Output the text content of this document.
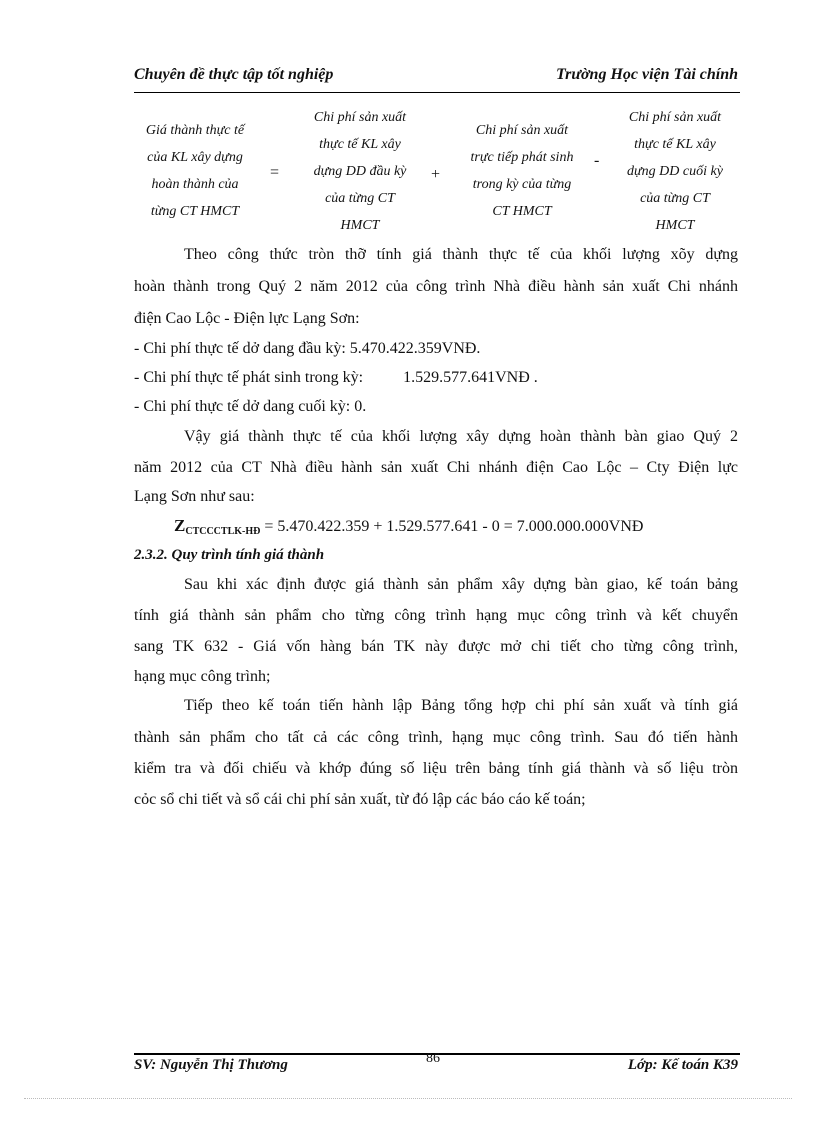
Chuyên đề thực tập tốt nghiệp	Trường Học viện Tài chính
Giá thành thực tế
của KL xây dựng
hoàn thành của
từng CT HMCT
=
Chi phí sản xuất
thực tế KL xây
dựng DD đầu kỳ
của từng CT
HMCT
+
Chi phí sản xuất
trực tiếp phát sinh
trong kỳ của từng
CT HMCT
-
Chi phí sản xuất
thực tế KL xây
dựng DD cuối kỳ
của từng CT
HMCT
Theo công thức tròn thỡ tính giá thành thực tế của khối lượng xõy dựng
hoàn thành trong Quý 2 năm 2012 của công trình Nhà điều hành sản xuất Chi nhánh
điện Cao Lộc - Điện lực Lạng Sơn:
- Chi phí thực tế dở dang đầu kỳ: 5.470.422.359VNĐ.
- Chi phí thực tế phát sinh trong kỳ:          1.529.577.641VNĐ .
- Chi phí thực tế dở dang cuối kỳ: 0.
Vậy giá thành thực tế của khối lượng xây dựng hoàn thành bàn giao Quý 2
năm 2012 của CT Nhà điều hành sản xuất Chi nhánh điện Cao Lộc – Cty Điện lực
Lạng Sơn như sau:
ZCTCCCTLK-HĐ = 5.470.422.359 + 1.529.577.641 - 0 = 7.000.000.000VNĐ
2.3.2. Quy trình tính giá thành
Sau khi xác định được giá thành sản phẩm xây dựng bàn giao, kế toán bảng
tính giá thành sản phẩm cho từng công trình hạng mục công trình và kết chuyển
sang TK 632 - Giá vốn hàng bán TK này được mở chi tiết cho từng công trình,
hạng mục công trình;
Tiếp theo kế toán tiến hành lập Bảng tổng hợp chi phí sản xuất và tính giá
thành sản phẩm cho tất cả các công trình, hạng mục công trình. Sau đó tiến hành
kiểm tra và đối chiếu và khớp đúng số liệu trên bảng tính giá thành và số liệu tròn
cỏc sổ chi tiết và sổ cái chi phí sản xuất, từ đó lập các báo cáo kế toán;
SV: Nguyễn Thị Thương	86	Lớp: Kế toán K39
